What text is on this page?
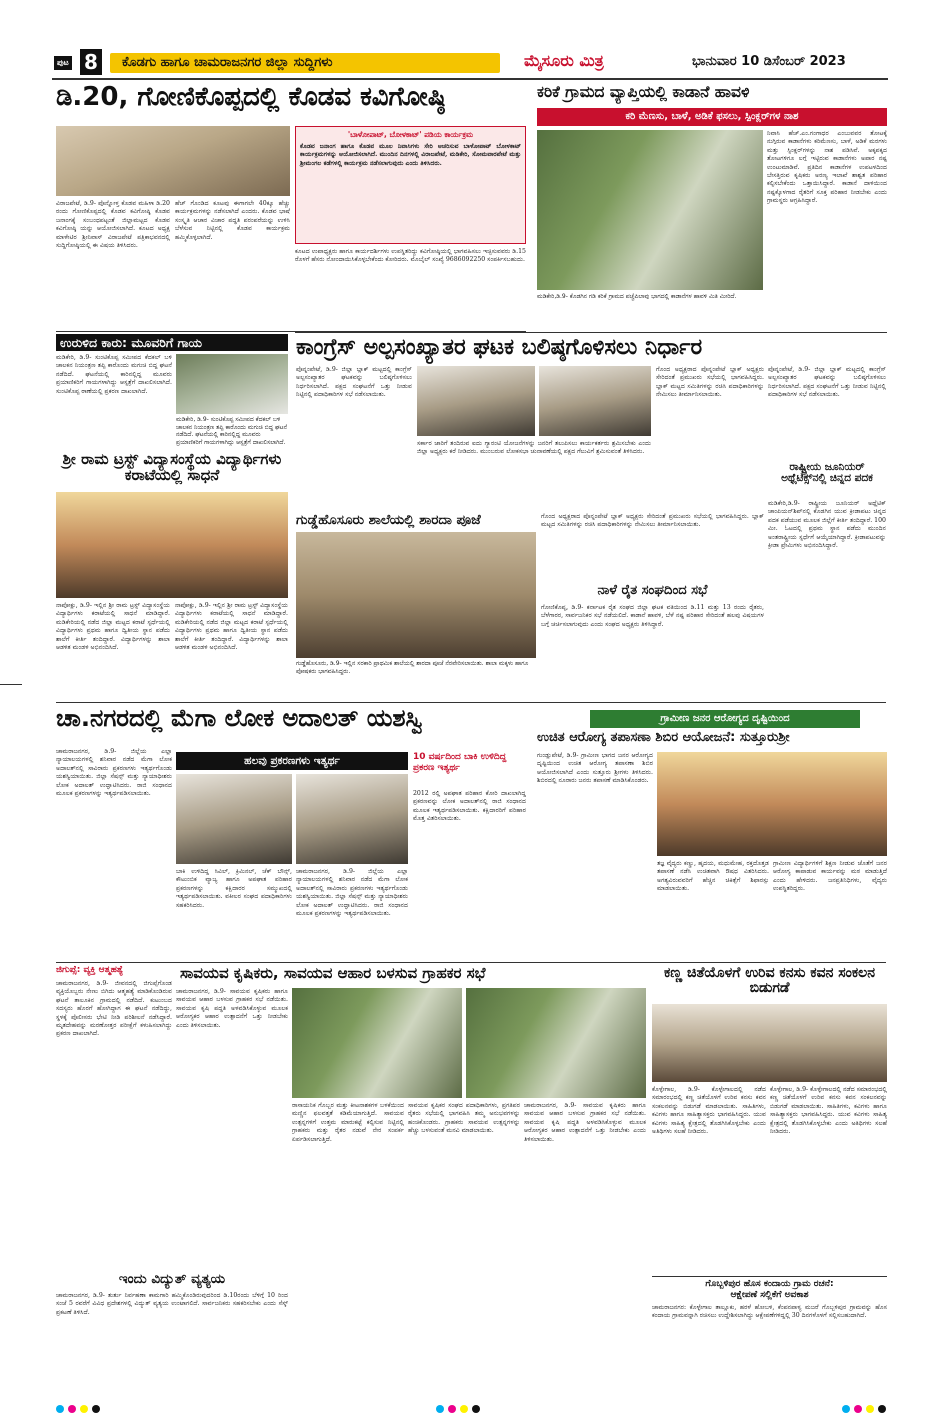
ಪುಟ 8	ಕೊಡಗು ಹಾಗೂ ಚಾಮರಾಜನಗರ ಜಿಲ್ಲಾ ಸುದ್ದಿಗಳು	ಮೈಸೂರು ಮಿತ್ರ	ಭಾನುವಾರ 10 ಡಿಸೆಂಬರ್ 2023
ಡಿ.20, ಗೋಣಿಕೊಪ್ಪದಲ್ಲಿ ಕೊಡವ ಕವಿಗೋಷ್ಠಿ
'ಬಾಳೋಪಾಟ್, ಬೋಳಕಾಟ್' ಪಡಿಯ ಕಾರ್ಯಕ್ರಮ
ಕೊಡವ ಜನಾಂಗ ಹಾಗೂ ಕೊಡವ ಮೂಲ ನಿವಾಸಿಗಳು ಸೇರಿ ಆಚರಿಸುವ ಬಾಳೋಪಾಟ್ ಬೋಳಕಾಟ್ ಕಾರ್ಯಕ್ರಮಗಳನ್ನು ಆಯೋಜಿಸಲಾಗಿದೆ. ಮುಂದಿನ ದಿನಗಳಲ್ಲಿ ವಿರಾಜಪೇಟೆ, ಮಡಿಕೇರಿ, ಸೋಮವಾರಪೇಟೆ ಮತ್ತು ಶ್ರೀಮಂಗಲ ಕಡೆಗಳಲ್ಲಿ ಕಾರ್ಯಕ್ರಮ ನಡೆಸಲಾಗುವುದು ಎಂದು ತಿಳಿಸಿದರು.
ವಿರಾಜಪೇಟೆ, ಡಿ.9- ಪೊನ್ನೋಳ್ತ ಕೊಡವ ಮಹಿಳಾ ಡಿ.20 ರಂದು ಗೋಣಿಕೊಪ್ಪದಲ್ಲಿ ಕೊಡವ ಕವಿಗೋಷ್ಠಿ ಕೊಡವ ಜನಾಂಗಕ್ಕೆ ಸಂಬಂಧಪಟ್ಟಂತೆ ಜಿಲ್ಲಾಮಟ್ಟದ ಕೊಡವ ಕವಿಗೋಷ್ಠಿ ಯನ್ನು ಆಯೋಜಿಸಲಾಗಿದೆ. ಕೂಟದ ಅಧ್ಯಕ್ಷ ಮಾಳೇಟಿರ ಶ್ರೀನಿವಾಸ್ ವಿರಾಜಪೇಟೆ ಪತ್ರಿಕಾಭವನದಲ್ಲಿ ಸುದ್ದಿಗೋಷ್ಠಿಯಲ್ಲಿ ಈ ವಿಷಯ ತಿಳಿಸಿದರು.
ಹೆಚ್ ಗೊಂಡಿದ ಕೂಟವು ಈಗಾಗಲೇ 40ಕ್ಕೂ ಹೆಚ್ಚು ಕಾರ್ಯಕ್ರಮಗಳನ್ನು ನಡೆಸಲಾಗಿದೆ ಎಂದರು. ಕೊಡವ ಭಾಷೆ ಸಂಸ್ಕೃತಿ ಆಚಾರ ವಿಚಾರ ಪದ್ಧತಿ ಪರಂಪರೆಯನ್ನು ಉಳಿಸಿ ಬೆಳೆಸುವ ನಿಟ್ಟಿನಲ್ಲಿ ಕೊಡವ ಕಾರ್ಯಕ್ರಮ ಹಮ್ಮಿಕೊಳ್ಳಲಾಗಿದೆ.
ಕೂಟದ ಉಪಾಧ್ಯಕ್ಷರು ಹಾಗೂ ಕಾರ್ಯದರ್ಶಿಗಳು ಉಪಸ್ಥಿತರಿದ್ದು ಕವಿಗೋಷ್ಠಿಯಲ್ಲಿ ಭಾಗವಹಿಸಲು ಇಚ್ಛಿಸುವವರು ಡಿ.15 ರೊಳಗೆ ಹೆಸರು ನೋಂದಾಯಿಸಿಕೊಳ್ಳಬೇಕೆಂದು ಕೋರಿದರು. ಮೊಬೈಲ್ ಸಂಖ್ಯೆ 9686092250 ಸಂಪರ್ಕಿಸಬಹುದು.
ಉರುಳಿದ ಕಾರು: ಮೂವರಿಗೆ ಗಾಯ
ಮಡಿಕೇರಿ, ಡಿ.9- ಸುಂಟಿಕೊಪ್ಪ ಸಮೀಪದ ಕೆದಕಲ್ ಬಳಿ ಚಾಲಕನ ನಿಯಂತ್ರಣ ತಪ್ಪಿ ಕಾರೊಂದು ಮಗುಚಿ ಬಿದ್ದ ಘಟನೆ ನಡೆದಿದೆ. ಘಟನೆಯಲ್ಲಿ ಕಾರಿನಲ್ಲಿದ್ದ ಮೂವರು ಪ್ರಯಾಣಿಕರಿಗೆ ಗಾಯಗಳಾಗಿದ್ದು ಆಸ್ಪತ್ರೆಗೆ ದಾಖಲಿಸಲಾಗಿದೆ. ಸುಂಟಿಕೊಪ್ಪ ಠಾಣೆಯಲ್ಲಿ ಪ್ರಕರಣ ದಾಖಲಾಗಿದೆ.
ಮಡಿಕೇರಿ, ಡಿ.9- ಸುಂಟಿಕೊಪ್ಪ ಸಮೀಪದ ಕೆದಕಲ್ ಬಳಿ ಚಾಲಕನ ನಿಯಂತ್ರಣ ತಪ್ಪಿ ಕಾರೊಂದು ಮಗುಚಿ ಬಿದ್ದ ಘಟನೆ ನಡೆದಿದೆ. ಘಟನೆಯಲ್ಲಿ ಕಾರಿನಲ್ಲಿದ್ದ ಮೂವರು ಪ್ರಯಾಣಿಕರಿಗೆ ಗಾಯಗಳಾಗಿದ್ದು ಆಸ್ಪತ್ರೆಗೆ ದಾಖಲಿಸಲಾಗಿದೆ.
ಶ್ರೀ ರಾಮ ಟ್ರಸ್ಟ್ ವಿದ್ಯಾಸಂಸ್ಥೆಯ ವಿದ್ಯಾರ್ಥಿಗಳು ಕರಾಟೆಯಲ್ಲಿ ಸಾಧನೆ
ನಾಪೋಕ್ಲು, ಡಿ.9- ಇಲ್ಲಿನ ಶ್ರೀ ರಾಮ ಟ್ರಸ್ಟ್ ವಿದ್ಯಾಸಂಸ್ಥೆಯ ವಿದ್ಯಾರ್ಥಿಗಳು ಕರಾಟೆಯಲ್ಲಿ ಸಾಧನೆ ಮಾಡಿದ್ದಾರೆ. ಮಡಿಕೇರಿಯಲ್ಲಿ ನಡೆದ ಜಿಲ್ಲಾ ಮಟ್ಟದ ಕರಾಟೆ ಸ್ಪರ್ಧೆಯಲ್ಲಿ ವಿದ್ಯಾರ್ಥಿಗಳು ಪ್ರಥಮ ಹಾಗೂ ದ್ವಿತೀಯ ಸ್ಥಾನ ಪಡೆದು ಶಾಲೆಗೆ ಕೀರ್ತಿ ತಂದಿದ್ದಾರೆ. ವಿದ್ಯಾರ್ಥಿಗಳನ್ನು ಶಾಲಾ ಆಡಳಿತ ಮಂಡಳಿ ಅಭಿನಂದಿಸಿದೆ.
ನಾಪೋಕ್ಲು, ಡಿ.9- ಇಲ್ಲಿನ ಶ್ರೀ ರಾಮ ಟ್ರಸ್ಟ್ ವಿದ್ಯಾಸಂಸ್ಥೆಯ ವಿದ್ಯಾರ್ಥಿಗಳು ಕರಾಟೆಯಲ್ಲಿ ಸಾಧನೆ ಮಾಡಿದ್ದಾರೆ. ಮಡಿಕೇರಿಯಲ್ಲಿ ನಡೆದ ಜಿಲ್ಲಾ ಮಟ್ಟದ ಕರಾಟೆ ಸ್ಪರ್ಧೆಯಲ್ಲಿ ವಿದ್ಯಾರ್ಥಿಗಳು ಪ್ರಥಮ ಹಾಗೂ ದ್ವಿತೀಯ ಸ್ಥಾನ ಪಡೆದು ಶಾಲೆಗೆ ಕೀರ್ತಿ ತಂದಿದ್ದಾರೆ. ವಿದ್ಯಾರ್ಥಿಗಳನ್ನು ಶಾಲಾ ಆಡಳಿತ ಮಂಡಳಿ ಅಭಿನಂದಿಸಿದೆ.
ಕರಿಕೆ ಗ್ರಾಮದ ವ್ಯಾಪ್ತಿಯಲ್ಲಿ ಕಾಡಾನೆ ಹಾವಳಿ
ಕರಿ ಮೆಣಸು, ಬಾಳೆ, ಅಡಿಕೆ ಫಸಲು, ಸ್ಪಿಂಕ್ಲರ್‌ಗಳ ನಾಶ
ಮಡಿಕೇರಿ,ಡಿ.9- ಕೊಡಗಿನ ಗಡಿ ಕರಿಕೆ ಗ್ರಾಮದ ಪಚ್ಚೆಪಿಲಾವು ಭಾಗದಲ್ಲಿ ಕಾಡಾನೆಗಳ ಹಾವಳಿ ಮಿತಿ ಮೀರಿದೆ.
ನಿವಾಸಿ ಹೆಚ್.ಎಂ.ಗಂಗಾಧರ ಎಂಬುವವರ ತೋಟಕ್ಕೆ ನುಗ್ಗಿರುವ ಕಾಡಾನೆಗಳು ಕರಿಮೆಣಸು, ಬಾಳೆ, ಅಡಿಕೆ ಮರಗಳು ಮತ್ತು ಸ್ಪಿಂಕ್ಲರ್‌ಗಳನ್ನು ನಾಶ ಪಡಿಸಿವೆ. ಅಕ್ಕಪಕ್ಕದ ತೋಟಗಳಿಗೂ ಲಗ್ಗೆ ಇಟ್ಟಿರುವ ಕಾಡಾನೆಗಳು ಅಪಾರ ನಷ್ಟ ಉಂಟುಮಾಡಿವೆ. ಪ್ರತಿದಿನ ಕಾಡಾನೆಗಳ ಉಪಟಳದಿಂದ ಬೇಸತ್ತಿರುವ ಕೃಷಿಕರು ಅರಣ್ಯ ಇಲಾಖೆ ಶಾಶ್ವತ ಪರಿಹಾರ ಕಲ್ಪಿಸಬೇಕೆಂದು ಒತ್ತಾಯಿಸಿದ್ದಾರೆ. ಕಾಡಾನೆ ದಾಳಿಯಿಂದ ನಷ್ಟಕ್ಕೊಳಗಾದ ರೈತರಿಗೆ ಸೂಕ್ತ ಪರಿಹಾರ ನೀಡಬೇಕು ಎಂದು ಗ್ರಾಮಸ್ಥರು ಆಗ್ರಹಿಸಿದ್ದಾರೆ.
ಕಾಂಗ್ರೆಸ್ ಅಲ್ಪಸಂಖ್ಯಾತರ ಘಟಕ ಬಲಿಷ್ಠಗೊಳಿಸಲು ನಿರ್ಧಾರ
ಪೊನ್ನಂಪೇಟೆ, ಡಿ.9- ಜಿಲ್ಲಾ ಬ್ಲಾಕ್ ಮಟ್ಟದಲ್ಲಿ ಕಾಂಗ್ರೆಸ್ ಅಲ್ಪಸಂಖ್ಯಾತರ ಘಟಕವನ್ನು ಬಲಿಷ್ಠಗೊಳಿಸಲು ನಿರ್ಧರಿಸಲಾಗಿದೆ. ಪಕ್ಷದ ಸಂಘಟನೆಗೆ ಒತ್ತು ನೀಡುವ ನಿಟ್ಟಿನಲ್ಲಿ ಪದಾಧಿಕಾರಿಗಳ ಸಭೆ ನಡೆಸಲಾಯಿತು.
ಸರ್ಕಾರ ಜಾರಿಗೆ ತಂದಿರುವ ಐದು ಗ್ಯಾರಂಟಿ ಯೋಜನೆಗಳನ್ನು ಜನರಿಗೆ ತಲುಪಿಸಲು ಕಾರ್ಯಕರ್ತರು ಶ್ರಮಿಸಬೇಕು ಎಂದು ಜಿಲ್ಲಾ ಅಧ್ಯಕ್ಷರು ಕರೆ ನೀಡಿದರು. ಮುಂಬರುವ ಲೋಕಸಭಾ ಚುನಾವಣೆಯಲ್ಲಿ ಪಕ್ಷದ ಗೆಲುವಿಗೆ ಶ್ರಮಿಸುವಂತೆ ತಿಳಿಸಿದರು.
ಗೊಂದ ಅಧ್ಯಕ್ಷರಾದ ಪೊನ್ನಂಪೇಟೆ ಬ್ಲಾಕ್ ಅಧ್ಯಕ್ಷರು ಸೇರಿದಂತೆ ಪ್ರಮುಖರು ಸಭೆಯಲ್ಲಿ ಭಾಗವಹಿಸಿದ್ದರು. ಬ್ಲಾಕ್ ಮಟ್ಟದ ಸಮಿತಿಗಳನ್ನು ರಚಿಸಿ ಪದಾಧಿಕಾರಿಗಳನ್ನು ನೇಮಿಸಲು ತೀರ್ಮಾನಿಸಲಾಯಿತು.
ಪೊನ್ನಂಪೇಟೆ, ಡಿ.9- ಜಿಲ್ಲಾ ಬ್ಲಾಕ್ ಮಟ್ಟದಲ್ಲಿ ಕಾಂಗ್ರೆಸ್ ಅಲ್ಪಸಂಖ್ಯಾತರ ಘಟಕವನ್ನು ಬಲಿಷ್ಠಗೊಳಿಸಲು ನಿರ್ಧರಿಸಲಾಗಿದೆ. ಪಕ್ಷದ ಸಂಘಟನೆಗೆ ಒತ್ತು ನೀಡುವ ನಿಟ್ಟಿನಲ್ಲಿ ಪದಾಧಿಕಾರಿಗಳ ಸಭೆ ನಡೆಸಲಾಯಿತು.
ಗುಡ್ಡೆಹೊಸೂರು ಶಾಲೆಯಲ್ಲಿ ಶಾರದಾ ಪೂಜೆ
ಗುಡ್ಡೆಹೊಸೂರು, ಡಿ.9- ಇಲ್ಲಿನ ಸರಕಾರಿ ಪ್ರಾಥಮಿಕ ಶಾಲೆಯಲ್ಲಿ ಶಾರದಾ ಪೂಜೆ ನೆರವೇರಿಸಲಾಯಿತು. ಶಾಲಾ ಮಕ್ಕಳು ಹಾಗೂ ಪೋಷಕರು ಭಾಗವಹಿಸಿದ್ದರು.
ಗೊಂದ ಅಧ್ಯಕ್ಷರಾದ ಪೊನ್ನಂಪೇಟೆ ಬ್ಲಾಕ್ ಅಧ್ಯಕ್ಷರು ಸೇರಿದಂತೆ ಪ್ರಮುಖರು ಸಭೆಯಲ್ಲಿ ಭಾಗವಹಿಸಿದ್ದರು. ಬ್ಲಾಕ್ ಮಟ್ಟದ ಸಮಿತಿಗಳನ್ನು ರಚಿಸಿ ಪದಾಧಿಕಾರಿಗಳನ್ನು ನೇಮಿಸಲು ತೀರ್ಮಾನಿಸಲಾಯಿತು.
ನಾಳೆ ರೈತ ಸಂಘದಿಂದ ಸಭೆ
ಗೋಣಿಕೊಪ್ಪ, ಡಿ.9- ಕರ್ನಾಟಕ ರೈತ ಸಂಘದ ಜಿಲ್ಲಾ ಘಟಕ ವತಿಯಿಂದ ಡಿ.11 ಮತ್ತು 13 ರಂದು ರೈತರು, ಬೆಳೆಗಾರರ, ಸಾರ್ವಜನಿಕರ ಸಭೆ ನಡೆಯಲಿದೆ. ಕಾಡಾನೆ ಹಾವಳಿ, ಬೆಳೆ ನಷ್ಟ ಪರಿಹಾರ ಸೇರಿದಂತೆ ಹಲವು ವಿಷಯಗಳ ಬಗ್ಗೆ ಚರ್ಚಿಸಲಾಗುವುದು ಎಂದು ಸಂಘದ ಅಧ್ಯಕ್ಷರು ತಿಳಿಸಿದ್ದಾರೆ.
ರಾಷ್ಟ್ರೀಯ ಜೂನಿಯರ್ ಅಥ್ಲೆಟಿಕ್ಸ್‌ನಲ್ಲಿ ಚಿನ್ನದ ಪದಕ
ಮಡಿಕೇರಿ,ಡಿ.9- ರಾಷ್ಟ್ರೀಯ ಜೂನಿಯರ್ ಅಥ್ಲೆಟಿಕ್ ಚಾಂಪಿಯನ್‌ಶಿಪ್‌ನಲ್ಲಿ ಕೊಡಗಿನ ಯುವ ಕ್ರೀಡಾಪಟು ಚಿನ್ನದ ಪದಕ ಪಡೆಯುವ ಮೂಲಕ ಜಿಲ್ಲೆಗೆ ಕೀರ್ತಿ ತಂದಿದ್ದಾರೆ. 100 ಮೀ. ಓಟದಲ್ಲಿ ಪ್ರಥಮ ಸ್ಥಾನ ಪಡೆದು ಮುಂದಿನ ಅಂತರಾಷ್ಟ್ರೀಯ ಸ್ಪರ್ಧೆಗೆ ಆಯ್ಕೆಯಾಗಿದ್ದಾರೆ. ಕ್ರೀಡಾಪಟುವನ್ನು ಕ್ರೀಡಾ ಪ್ರೇಮಿಗಳು ಅಭಿನಂದಿಸಿದ್ದಾರೆ.
ಚಾ.ನಗರದಲ್ಲಿ ಮೆಗಾ ಲೋಕ ಅದಾಲತ್ ಯಶಸ್ವಿ
ಚಾಮರಾಜನಗರ, ಡಿ.9- ಜಿಲ್ಲೆಯ ಎಲ್ಲಾ ನ್ಯಾಯಾಲಯಗಳಲ್ಲಿ ಶನಿವಾರ ನಡೆದ ಮೆಗಾ ಲೋಕ ಅದಾಲತ್‌ನಲ್ಲಿ ಸಾವಿರಾರು ಪ್ರಕರಣಗಳು ಇತ್ಯರ್ಥಗೊಂಡು ಯಶಸ್ವಿಯಾಯಿತು. ಜಿಲ್ಲಾ ಸೆಷನ್ಸ್ ಮತ್ತು ನ್ಯಾಯಾಧೀಶರು ಲೋಕ ಅದಾಲತ್ ಉದ್ಘಾಟಿಸಿದರು. ರಾಜಿ ಸಂಧಾನದ ಮೂಲಕ ಪ್ರಕರಣಗಳನ್ನು ಇತ್ಯರ್ಥಪಡಿಸಲಾಯಿತು.
ಹಲವು ಪ್ರಕರಣಗಳು ಇತ್ಯರ್ಥ
ಬಾಕಿ ಉಳಿದಿದ್ದ ಸಿವಿಲ್, ಕ್ರಿಮಿನಲ್, ಚೆಕ್ ಬೌನ್ಸ್, ಕೌಟುಂಬಿಕ ವ್ಯಾಜ್ಯ ಹಾಗೂ ಅಪಘಾತ ಪರಿಹಾರ ಪ್ರಕರಣಗಳನ್ನು ಕಕ್ಷಿದಾರರ ಸಮ್ಮುಖದಲ್ಲಿ ಇತ್ಯರ್ಥಪಡಿಸಲಾಯಿತು. ವಕೀಲರ ಸಂಘದ ಪದಾಧಿಕಾರಿಗಳು ಸಹಕರಿಸಿದರು.
ಚಾಮರಾಜನಗರ, ಡಿ.9- ಜಿಲ್ಲೆಯ ಎಲ್ಲಾ ನ್ಯಾಯಾಲಯಗಳಲ್ಲಿ ಶನಿವಾರ ನಡೆದ ಮೆಗಾ ಲೋಕ ಅದಾಲತ್‌ನಲ್ಲಿ ಸಾವಿರಾರು ಪ್ರಕರಣಗಳು ಇತ್ಯರ್ಥಗೊಂಡು ಯಶಸ್ವಿಯಾಯಿತು. ಜಿಲ್ಲಾ ಸೆಷನ್ಸ್ ಮತ್ತು ನ್ಯಾಯಾಧೀಶರು ಲೋಕ ಅದಾಲತ್ ಉದ್ಘಾಟಿಸಿದರು. ರಾಜಿ ಸಂಧಾನದ ಮೂಲಕ ಪ್ರಕರಣಗಳನ್ನು ಇತ್ಯರ್ಥಪಡಿಸಲಾಯಿತು.
10 ವರ್ಷದಿಂದ ಬಾಕಿ ಉಳಿದಿದ್ದ ಪ್ರಕರಣ ಇತ್ಯರ್ಥ
2012 ರಲ್ಲಿ ಅಪಘಾತ ಪರಿಹಾರ ಕೋರಿ ದಾಖಲಾಗಿದ್ದ ಪ್ರಕರಣವನ್ನು ಲೋಕ ಅದಾಲತ್‌ನಲ್ಲಿ ರಾಜಿ ಸಂಧಾನದ ಮೂಲಕ ಇತ್ಯರ್ಥಪಡಿಸಲಾಯಿತು. ಕಕ್ಷಿದಾರರಿಗೆ ಪರಿಹಾರ ಮೊತ್ತ ವಿತರಿಸಲಾಯಿತು.
ಗ್ರಾಮೀಣ ಜನರ ಆರೋಗ್ಯದ ದೃಷ್ಟಿಯಿಂದ
ಉಚಿತ ಆರೋಗ್ಯ ತಪಾಸಣಾ ಶಿಬಿರ ಆಯೋಜನೆ: ಸುತ್ತೂರುಶ್ರೀ
ಗುಂಡ್ಲುಪೇಟೆ, ಡಿ.9- ಗ್ರಾಮೀಣ ಭಾಗದ ಜನರ ಆರೋಗ್ಯದ ದೃಷ್ಟಿಯಿಂದ ಉಚಿತ ಆರೋಗ್ಯ ತಪಾಸಣಾ ಶಿಬಿರ ಆಯೋಜಿಸಲಾಗಿದೆ ಎಂದು ಸುತ್ತೂರು ಶ್ರೀಗಳು ತಿಳಿಸಿದರು. ಶಿಬಿರದಲ್ಲಿ ನೂರಾರು ಜನರು ತಪಾಸಣೆ ಮಾಡಿಸಿಕೊಂಡರು.
ತಜ್ಞ ವೈದ್ಯರು ಕಣ್ಣು, ಹೃದಯ, ಮಧುಮೇಹ, ರಕ್ತದೊತ್ತಡ ತಪಾಸಣೆ ನಡೆಸಿ ಉಚಿತವಾಗಿ ಔಷಧ ವಿತರಿಸಿದರು. ಅಗತ್ಯವಿರುವವರಿಗೆ ಹೆಚ್ಚಿನ ಚಿಕಿತ್ಸೆಗೆ ಶಿಫಾರಸ್ಸು ಮಾಡಲಾಯಿತು.
ಗ್ರಾಮೀಣ ವಿದ್ಯಾರ್ಥಿಗಳಿಗೆ ಶಿಕ್ಷಣ ನೀಡುವ ಜೊತೆಗೆ ಜನರ ಆರೋಗ್ಯ ಕಾಪಾಡುವ ಕಾರ್ಯವನ್ನು ಮಠ ಮಾಡುತ್ತಿದೆ ಎಂದು ಹೇಳಿದರು. ಜನಪ್ರತಿನಿಧಿಗಳು, ವೈದ್ಯರು ಉಪಸ್ಥಿತರಿದ್ದರು.
ಜಿಗುಪ್ಸೆ: ವ್ಯಕ್ತಿ ಆತ್ಮಹತ್ಯೆ
ಚಾಮರಾಜನಗರ, ಡಿ.9- ಜೀವನದಲ್ಲಿ ಜಿಗುಪ್ಸೆಗೊಂಡ ವ್ಯಕ್ತಿಯೊಬ್ಬರು ನೇಣು ಬಿಗಿದು ಆತ್ಮಹತ್ಯೆ ಮಾಡಿಕೊಂಡಿರುವ ಘಟನೆ ತಾಲೂಕಿನ ಗ್ರಾಮದಲ್ಲಿ ನಡೆದಿದೆ. ಕುಟುಂಬದ ಸದಸ್ಯರು ಹೊರಗೆ ಹೋಗಿದ್ದಾಗ ಈ ಘಟನೆ ನಡೆದಿದ್ದು, ಸ್ಥಳಕ್ಕೆ ಪೊಲೀಸರು ಭೇಟಿ ನೀಡಿ ಪರಿಶೀಲನೆ ನಡೆಸಿದ್ದಾರೆ. ಮೃತದೇಹವನ್ನು ಮರಣೋತ್ತರ ಪರೀಕ್ಷೆಗೆ ಕಳುಹಿಸಲಾಗಿದ್ದು ಪ್ರಕರಣ ದಾಖಲಾಗಿದೆ.
ಇಂದು ವಿದ್ಯುತ್ ವ್ಯತ್ಯಯ
ಚಾಮರಾಜನಗರ, ಡಿ.9- ತುರ್ತು ನಿರ್ವಹಣಾ ಕಾಮಗಾರಿ ಹಮ್ಮಿಕೊಂಡಿರುವುದರಿಂದ ಡಿ.10ರಂದು ಬೆಳಿಗ್ಗೆ 10 ರಿಂದ ಸಂಜೆ 5 ರವರೆಗೆ ವಿವಿಧ ಪ್ರದೇಶಗಳಲ್ಲಿ ವಿದ್ಯುತ್ ವ್ಯತ್ಯಯ ಉಂಟಾಗಲಿದೆ. ಸಾರ್ವಜನಿಕರು ಸಹಕರಿಸಬೇಕು ಎಂದು ಸೆಸ್ಕ್ ಪ್ರಕಟಣೆ ತಿಳಿಸಿದೆ.
ಸಾವಯವ ಕೃಷಿಕರು, ಸಾವಯವ ಆಹಾರ ಬಳಸುವ ಗ್ರಾಹಕರ ಸಭೆ
ಚಾಮರಾಜನಗರ, ಡಿ.9- ಸಾವಯವ ಕೃಷಿಕರು ಹಾಗೂ ಸಾವಯವ ಆಹಾರ ಬಳಸುವ ಗ್ರಾಹಕರ ಸಭೆ ನಡೆಯಿತು. ಸಾವಯವ ಕೃಷಿ ಪದ್ಧತಿ ಅಳವಡಿಸಿಕೊಳ್ಳುವ ಮೂಲಕ ಆರೋಗ್ಯಕರ ಆಹಾರ ಉತ್ಪಾದನೆಗೆ ಒತ್ತು ನೀಡಬೇಕು ಎಂದು ತಿಳಿಸಲಾಯಿತು.
ರಾಸಾಯನಿಕ ಗೊಬ್ಬರ ಮತ್ತು ಕೀಟನಾಶಕಗಳ ಬಳಕೆಯಿಂದ ಮಣ್ಣಿನ ಫಲವತ್ತತೆ ಕಡಿಮೆಯಾಗುತ್ತಿದೆ. ಸಾವಯವ ಉತ್ಪನ್ನಗಳಿಗೆ ಉತ್ತಮ ಮಾರುಕಟ್ಟೆ ಕಲ್ಪಿಸುವ ನಿಟ್ಟಿನಲ್ಲಿ ಗ್ರಾಹಕರು ಮತ್ತು ರೈತರ ನಡುವೆ ನೇರ ಸಂಪರ್ಕ ಏರ್ಪಡಿಸಲಾಗುತ್ತಿದೆ.
ಸಾವಯವ ಕೃಷಿಕರ ಸಂಘದ ಪದಾಧಿಕಾರಿಗಳು, ಪ್ರಗತಿಪರ ರೈತರು ಸಭೆಯಲ್ಲಿ ಭಾಗವಹಿಸಿ ತಮ್ಮ ಅನುಭವಗಳನ್ನು ಹಂಚಿಕೊಂಡರು. ಗ್ರಾಹಕರು ಸಾವಯವ ಉತ್ಪನ್ನಗಳನ್ನು ಹೆಚ್ಚು ಬಳಸುವಂತೆ ಮನವಿ ಮಾಡಲಾಯಿತು.
ಚಾಮರಾಜನಗರ, ಡಿ.9- ಸಾವಯವ ಕೃಷಿಕರು ಹಾಗೂ ಸಾವಯವ ಆಹಾರ ಬಳಸುವ ಗ್ರಾಹಕರ ಸಭೆ ನಡೆಯಿತು. ಸಾವಯವ ಕೃಷಿ ಪದ್ಧತಿ ಅಳವಡಿಸಿಕೊಳ್ಳುವ ಮೂಲಕ ಆರೋಗ್ಯಕರ ಆಹಾರ ಉತ್ಪಾದನೆಗೆ ಒತ್ತು ನೀಡಬೇಕು ಎಂದು ತಿಳಿಸಲಾಯಿತು.
ಕಣ್ಣ ಚಿತೆಯೊಳಗೆ ಉರಿವ ಕನಸು ಕವನ ಸಂಕಲನ ಬಿಡುಗಡೆ
ಕೊಳ್ಳೇಗಾಲ, ಡಿ.9- ಕೊಳ್ಳೇಗಾಲದಲ್ಲಿ ನಡೆದ ಸಮಾರಂಭದಲ್ಲಿ ಕಣ್ಣ ಚಿತೆಯೊಳಗೆ ಉರಿವ ಕನಸು ಕವನ ಸಂಕಲನವನ್ನು ಬಿಡುಗಡೆ ಮಾಡಲಾಯಿತು. ಸಾಹಿತಿಗಳು, ಕವಿಗಳು ಹಾಗೂ ಸಾಹಿತ್ಯಾಸಕ್ತರು ಭಾಗವಹಿಸಿದ್ದರು. ಯುವ ಕವಿಗಳು ಸಾಹಿತ್ಯ ಕ್ಷೇತ್ರದಲ್ಲಿ ತೊಡಗಿಸಿಕೊಳ್ಳಬೇಕು ಎಂದು ಅತಿಥಿಗಳು ಸಲಹೆ ನೀಡಿದರು.
ಕೊಳ್ಳೇಗಾಲ, ಡಿ.9- ಕೊಳ್ಳೇಗಾಲದಲ್ಲಿ ನಡೆದ ಸಮಾರಂಭದಲ್ಲಿ ಕಣ್ಣ ಚಿತೆಯೊಳಗೆ ಉರಿವ ಕನಸು ಕವನ ಸಂಕಲನವನ್ನು ಬಿಡುಗಡೆ ಮಾಡಲಾಯಿತು. ಸಾಹಿತಿಗಳು, ಕವಿಗಳು ಹಾಗೂ ಸಾಹಿತ್ಯಾಸಕ್ತರು ಭಾಗವಹಿಸಿದ್ದರು. ಯುವ ಕವಿಗಳು ಸಾಹಿತ್ಯ ಕ್ಷೇತ್ರದಲ್ಲಿ ತೊಡಗಿಸಿಕೊಳ್ಳಬೇಕು ಎಂದು ಅತಿಥಿಗಳು ಸಲಹೆ ನೀಡಿದರು.
ಗೊಬ್ಬಳಿಪುರ ಹೊಸ ಕಂದಾಯ ಗ್ರಾಮ ರಚನೆ:
ಆಕ್ಷೇಪಣೆ ಸಲ್ಲಿಕೆಗೆ ಅವಕಾಶ
ಚಾಮರಾಜನಗರ: ಕೊಳ್ಳೇಗಾಲ ತಾಲ್ಲೂಕು, ಹರಳೆ ಹೋಬಳಿ, ಕೆಂಪನಪಾಳ್ಯ ಮಜರೆ ಗೊಬ್ಬಳಿಪುರ ಗ್ರಾಮವನ್ನು ಹೊಸ ಕಂದಾಯ ಗ್ರಾಮವನ್ನಾಗಿ ರಚಿಸಲು ಉದ್ದೇಶಿಸಲಾಗಿದ್ದು ಆಕ್ಷೇಪಣೆಗಳಿದ್ದಲ್ಲಿ 30 ದಿನಗಳೊಳಗೆ ಸಲ್ಲಿಸಬಹುದಾಗಿದೆ.
